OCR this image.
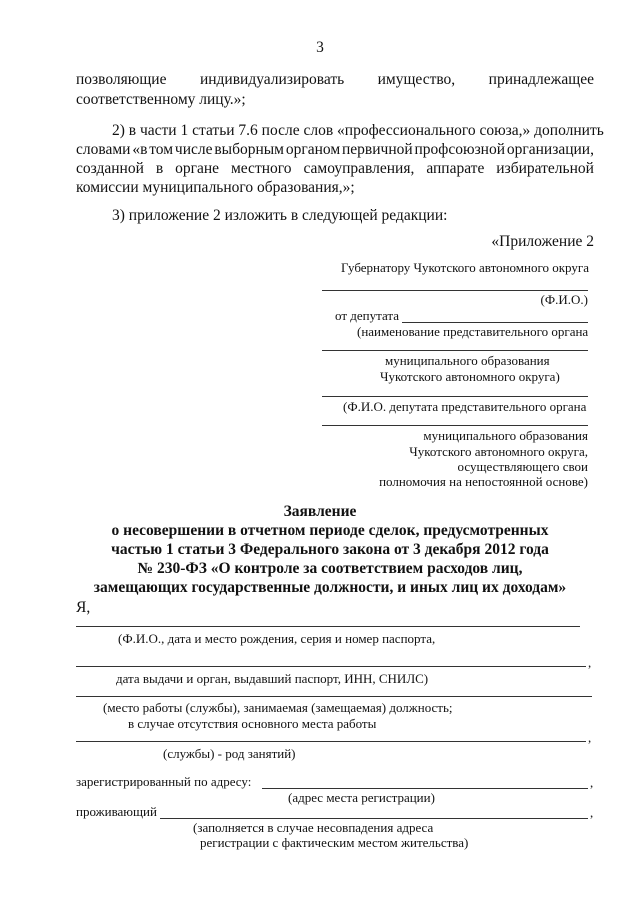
3
позволяющие индивидуализировать имущество, принадлежащее
соответственному лицу.»;
2) в части 1 статьи 7.6 после слов «профессионального союза,» дополнить
словами «в том числе выборным органом первичной профсоюзной организации,
созданной в органе местного самоуправления, аппарате избирательной
комиссии муниципального образования,»;
3) приложение 2 изложить в следующей редакции:
«Приложение 2
Губернатору Чукотского автономного округа
(Ф.И.О.)
от депутата
(наименование представительного органа
муниципального образования
Чукотского автономного округа)
(Ф.И.О. депутата представительного органа
муниципального образования
Чукотского автономного округа,
осуществляющего свои
полномочия на непостоянной основе)
Заявление
о несовершении в отчетном периоде сделок, предусмотренных
частью 1 статьи 3 Федерального закона от 3 декабря 2012 года
№ 230-ФЗ «О контроле за соответствием расходов лиц,
замещающих государственные должности, и иных лиц их доходам»
Я,
(Ф.И.О., дата и место рождения, серия и номер паспорта,
,
дата выдачи и орган, выдавший паспорт, ИНН, СНИЛС)
(место работы (службы), занимаемая (замещаемая) должность;
в случае отсутствия основного места работы
,
(службы) - род занятий)
зарегистрированный по адресу:	,
(адрес места регистрации)
проживающий	,
(заполняется в случае несовпадения адреса
регистрации с фактическим местом жительства)
